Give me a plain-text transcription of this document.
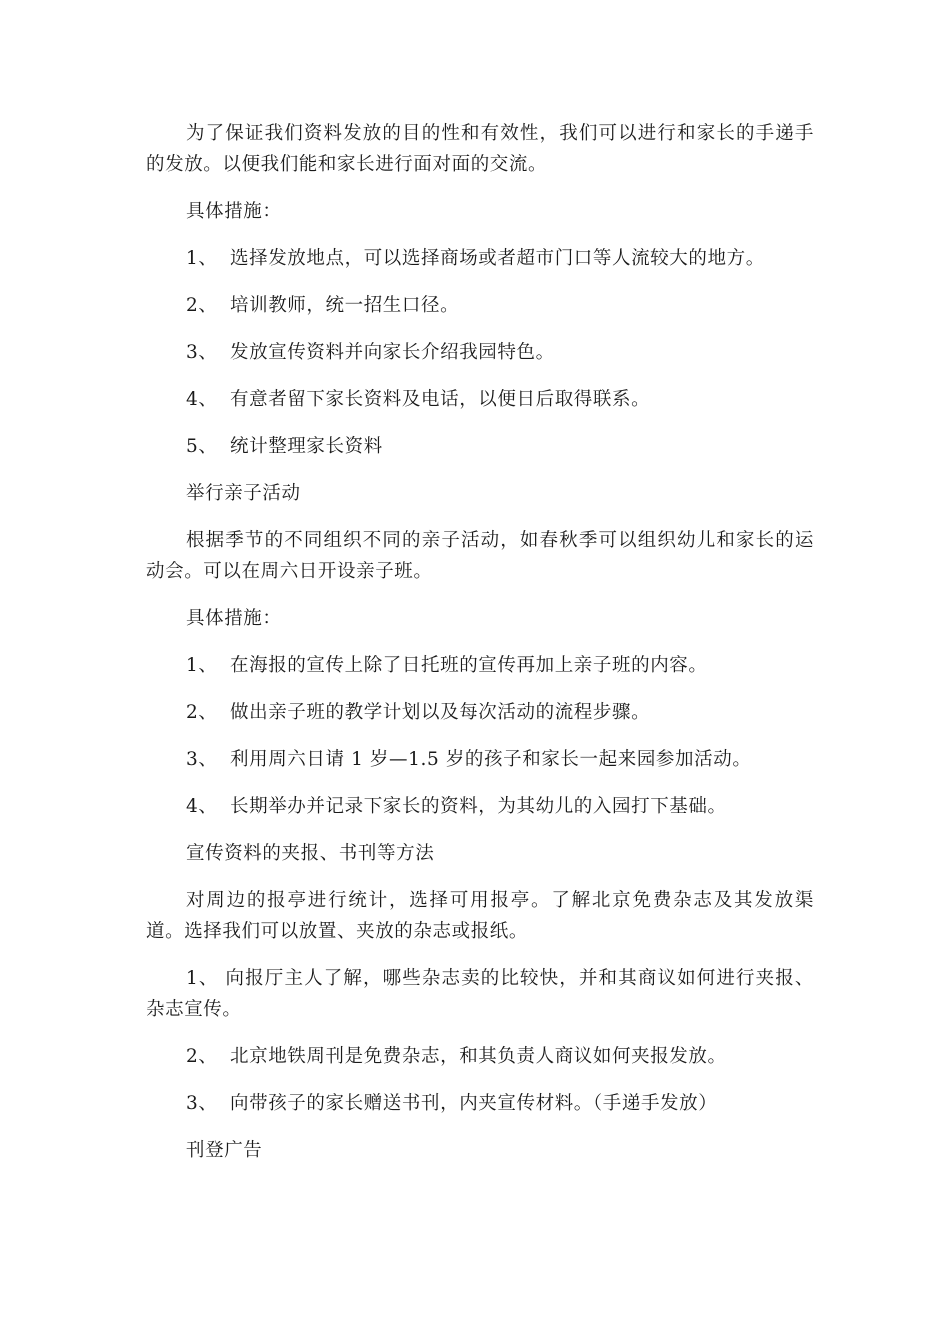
为了保证我们资料发放的目的性和有效性，我们可以进行和家长的手递手的发放。以便我们能和家长进行面对面的交流。

具体措施：

1、 选择发放地点，可以选择商场或者超市门口等人流较大的地方。

2、 培训教师，统一招生口径。

3、 发放宣传资料并向家长介绍我园特色。

4、 有意者留下家长资料及电话，以便日后取得联系。

5、 统计整理家长资料

举行亲子活动

根据季节的不同组织不同的亲子活动，如春秋季可以组织幼儿和家长的运动会。可以在周六日开设亲子班。

具体措施：

1、 在海报的宣传上除了日托班的宣传再加上亲子班的内容。

2、 做出亲子班的教学计划以及每次活动的流程步骤。

3、 利用周六日请 1 岁—1.5 岁的孩子和家长一起来园参加活动。

4、 长期举办并记录下家长的资料，为其幼儿的入园打下基础。

宣传资料的夹报、书刊等方法

对周边的报亭进行统计，选择可用报亭。了解北京免费杂志及其发放渠道。选择我们可以放置、夹放的杂志或报纸。

1、 向报厅主人了解，哪些杂志卖的比较快，并和其商议如何进行夹报、杂志宣传。

2、 北京地铁周刊是免费杂志，和其负责人商议如何夹报发放。

3、 向带孩子的家长赠送书刊，内夹宣传材料。（手递手发放）

刊登广告
